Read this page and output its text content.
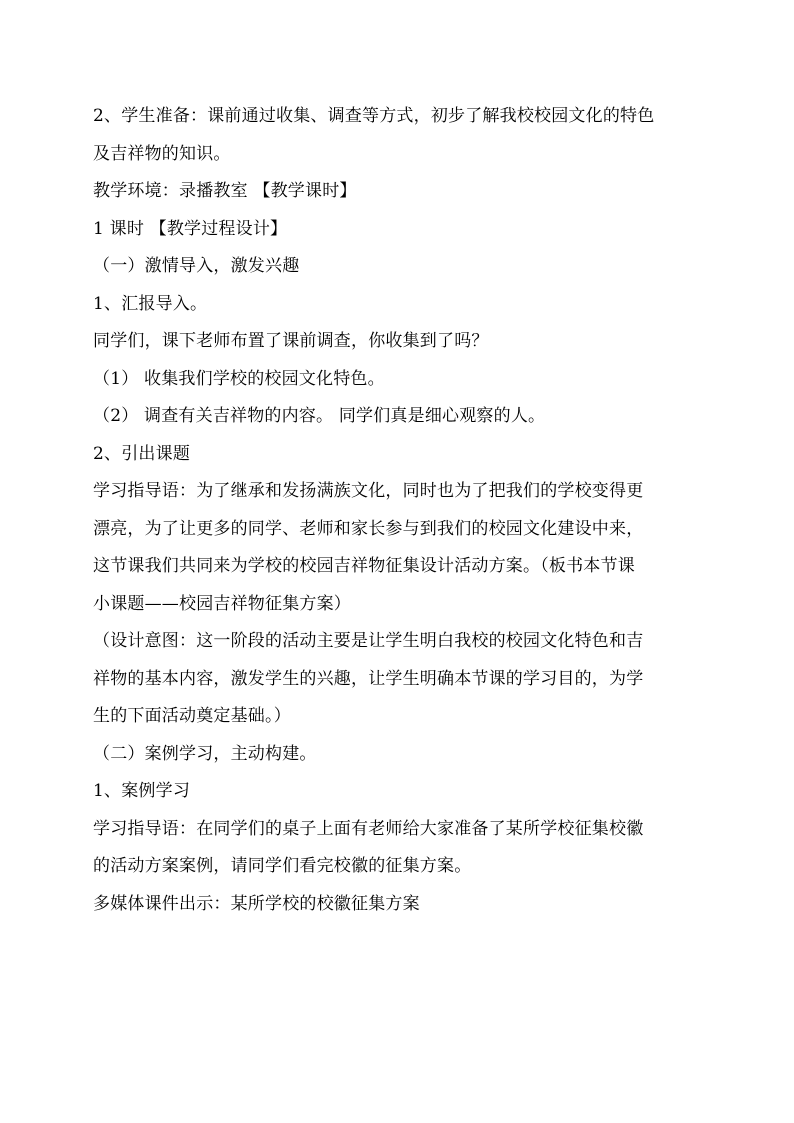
2、学生准备：课前通过收集、调查等方式，初步了解我校校园文化的特色
及吉祥物的知识。
教学环境：录播教室 【教学课时】
1 课时 【教学过程设计】
（一）激情导入，激发兴趣
1、汇报导入。
同学们，课下老师布置了课前调查，你收集到了吗？
（1） 收集我们学校的校园文化特色。
（2） 调查有关吉祥物的内容。 同学们真是细心观察的人。
2、引出课题
学习指导语：为了继承和发扬满族文化，同时也为了把我们的学校变得更
漂亮，为了让更多的同学、老师和家长参与到我们的校园文化建设中来，
这节课我们共同来为学校的校园吉祥物征集设计活动方案。（板书本节课
小课题——校园吉祥物征集方案）
（设计意图：这一阶段的活动主要是让学生明白我校的校园文化特色和吉
祥物的基本内容，激发学生的兴趣，让学生明确本节课的学习目的，为学
生的下面活动奠定基础。）
（二）案例学习，主动构建。
1、案例学习
学习指导语：在同学们的桌子上面有老师给大家准备了某所学校征集校徽
的活动方案案例，请同学们看完校徽的征集方案。
多媒体课件出示：某所学校的校徽征集方案
